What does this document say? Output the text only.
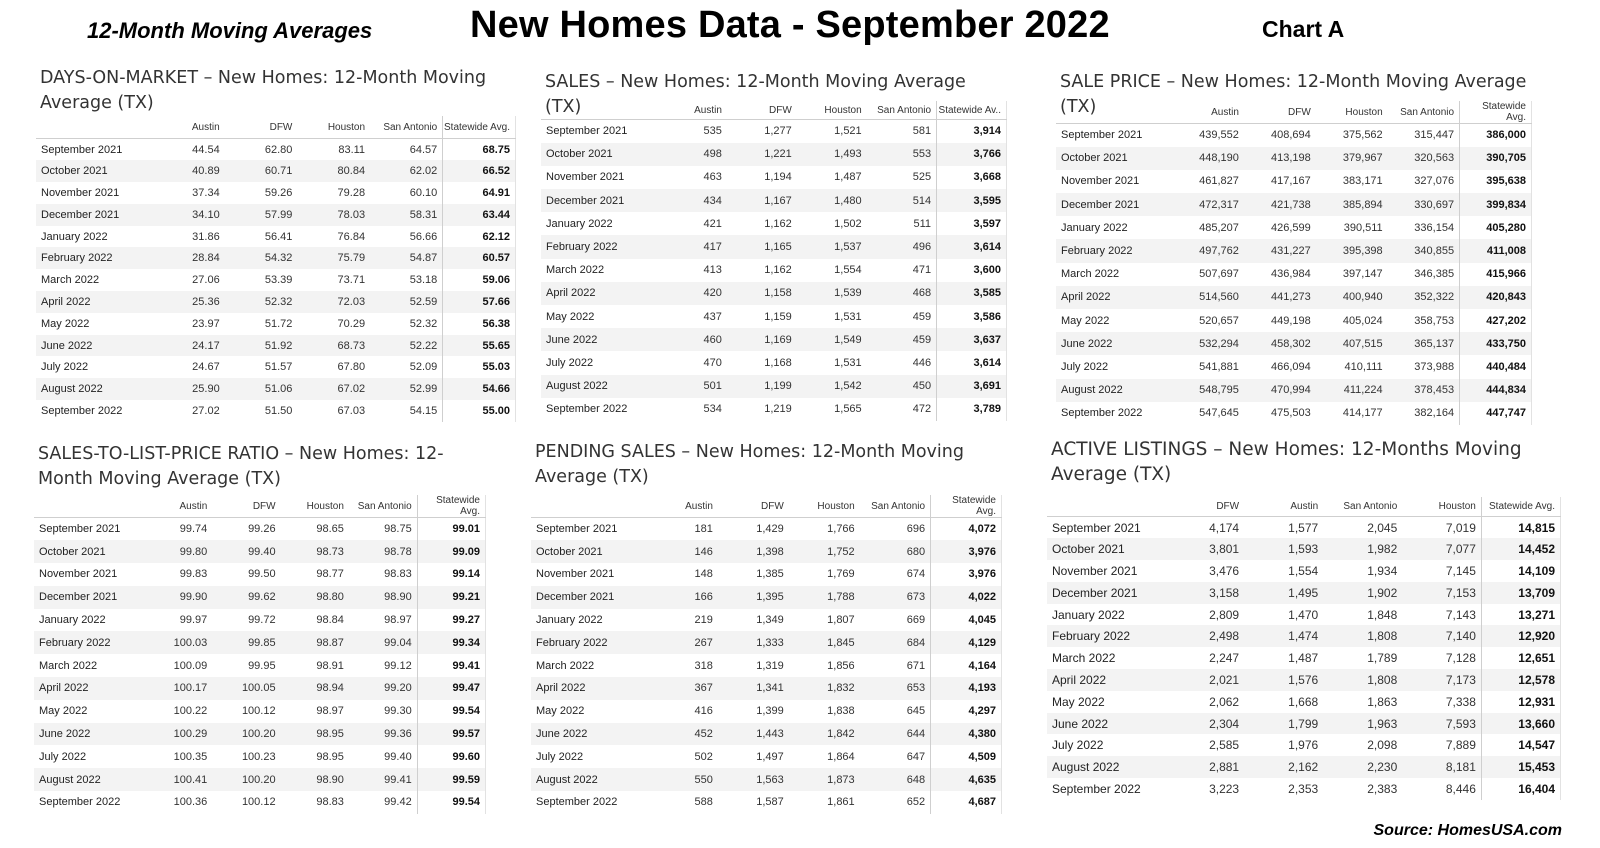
12-Month Moving Averages	New Homes Data - September 2022	Chart A
DAYS-ON-MARKET – New Homes: 12-Month Moving Average (TX)
	Austin	DFW	Houston	San Antonio	Statewide Avg.
September 2021	44.54	62.80	83.11	64.57	68.75
October 2021	40.89	60.71	80.84	62.02	66.52
November 2021	37.34	59.26	79.28	60.10	64.91
December 2021	34.10	57.99	78.03	58.31	63.44
January 2022	31.86	56.41	76.84	56.66	62.12
February 2022	28.84	54.32	75.79	54.87	60.57
March 2022	27.06	53.39	73.71	53.18	59.06
April 2022	25.36	52.32	72.03	52.59	57.66
May 2022	23.97	51.72	70.29	52.32	56.38
June 2022	24.17	51.92	68.73	52.22	55.65
July 2022	24.67	51.57	67.80	52.09	55.03
August 2022	25.90	51.06	67.02	52.99	54.66
September 2022	27.02	51.50	67.03	54.15	55.00
SALES – New Homes: 12-Month Moving Average (TX)
		Austin	DFW	Houston	San Antonio	Statewide Av..
September 2021	535	1,277	1,521	581	3,914
October 2021	498	1,221	1,493	553	3,766
November 2021	463	1,194	1,487	525	3,668
December 2021	434	1,167	1,480	514	3,595
January 2022	421	1,162	1,502	511	3,597
February 2022	417	1,165	1,537	496	3,614
March 2022	413	1,162	1,554	471	3,600
April 2022	420	1,158	1,539	468	3,585
May 2022	437	1,159	1,531	459	3,586
June 2022	460	1,169	1,549	459	3,637
July 2022	470	1,168	1,531	446	3,614
August 2022	501	1,199	1,542	450	3,691
September 2022	534	1,219	1,565	472	3,789
SALE PRICE – New Homes: 12-Month Moving Average (TX)
		Austin	DFW	Houston	San Antonio	Statewide Avg.
September 2021	439,552	408,694	375,562	315,447	386,000
October 2021	448,190	413,198	379,967	320,563	390,705
November 2021	461,827	417,167	383,171	327,076	395,638
December 2021	472,317	421,738	385,894	330,697	399,834
January 2022	485,207	426,599	390,511	336,154	405,280
February 2022	497,762	431,227	395,398	340,855	411,008
March 2022	507,697	436,984	397,147	346,385	415,966
April 2022	514,560	441,273	400,940	352,322	420,843
May 2022	520,657	449,198	405,024	358,753	427,202
June 2022	532,294	458,302	407,515	365,137	433,750
July 2022	541,881	466,094	410,111	373,988	440,484
August 2022	548,795	470,994	411,224	378,453	444,834
September 2022	547,645	475,503	414,177	382,164	447,747
SALES-TO-LIST-PRICE RATIO – New Homes: 12-Month Moving Average (TX)
	Austin	DFW	Houston	San Antonio	Statewide Avg.
September 2021	99.74	99.26	98.65	98.75	99.01
October 2021	99.80	99.40	98.73	98.78	99.09
November 2021	99.83	99.50	98.77	98.83	99.14
December 2021	99.90	99.62	98.80	98.90	99.21
January 2022	99.97	99.72	98.84	98.97	99.27
February 2022	100.03	99.85	98.87	99.04	99.34
March 2022	100.09	99.95	98.91	99.12	99.41
April 2022	100.17	100.05	98.94	99.20	99.47
May 2022	100.22	100.12	98.97	99.30	99.54
June 2022	100.29	100.20	98.95	99.36	99.57
July 2022	100.35	100.23	98.95	99.40	99.60
August 2022	100.41	100.20	98.90	99.41	99.59
September 2022	100.36	100.12	98.83	99.42	99.54
PENDING SALES – New Homes: 12-Month Moving Average (TX)
	Austin	DFW	Houston	San Antonio	Statewide Avg.
September 2021	181	1,429	1,766	696	4,072
October 2021	146	1,398	1,752	680	3,976
November 2021	148	1,385	1,769	674	3,976
December 2021	166	1,395	1,788	673	4,022
January 2022	219	1,349	1,807	669	4,045
February 2022	267	1,333	1,845	684	4,129
March 2022	318	1,319	1,856	671	4,164
April 2022	367	1,341	1,832	653	4,193
May 2022	416	1,399	1,838	645	4,297
June 2022	452	1,443	1,842	644	4,380
July 2022	502	1,497	1,864	647	4,509
August 2022	550	1,563	1,873	648	4,635
September 2022	588	1,587	1,861	652	4,687
ACTIVE LISTINGS – New Homes: 12-Months Moving Average (TX)
	DFW	Austin	San Antonio	Houston	Statewide Avg.
September 2021	4,174	1,577	2,045	7,019	14,815
October 2021	3,801	1,593	1,982	7,077	14,452
November 2021	3,476	1,554	1,934	7,145	14,109
December 2021	3,158	1,495	1,902	7,153	13,709
January 2022	2,809	1,470	1,848	7,143	13,271
February 2022	2,498	1,474	1,808	7,140	12,920
March 2022	2,247	1,487	1,789	7,128	12,651
April 2022	2,021	1,576	1,808	7,173	12,578
May 2022	2,062	1,668	1,863	7,338	12,931
June 2022	2,304	1,799	1,963	7,593	13,660
July 2022	2,585	1,976	2,098	7,889	14,547
August 2022	2,881	2,162	2,230	8,181	15,453
September 2022	3,223	2,353	2,383	8,446	16,404
Source: HomesUSA.com
